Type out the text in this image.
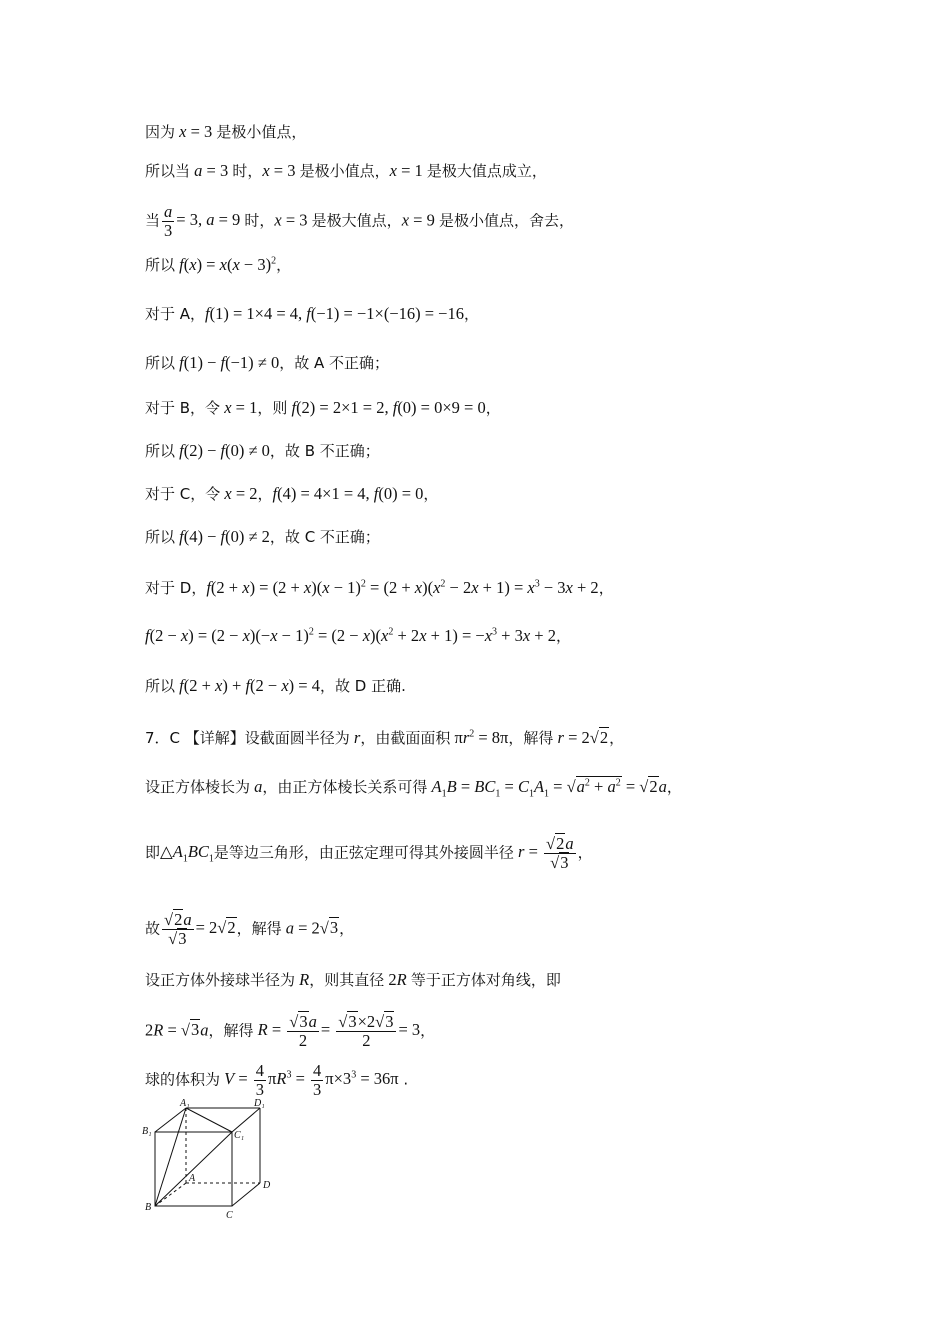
因为 x = 3 是极小值点，
所以当 a = 3 时，x = 3 是极小值点，x = 1 是极大值点成立，
当 $\frac{a}{3} = 3$, a = 9 时，x = 3 是极大值点，x = 9 是极小值点，舍去，
所以 $f(x) = x(x - 3)^2$，
对于 A，f(1) = 1×4 = 4, f(−1) = −1×(−16) = −16，
所以 f(1) − f(−1) ≠ 0，故 A 不正确；
对于 B，令 x = 1，则 f(2) = 2×1 = 2, f(0) = 0×9 = 0，
所以 f(2) − f(0) ≠ 0，故 B 不正确；
对于 C，令 x = 2，f(4) = 4×1 = 4, f(0) = 0，
所以 f(4) − f(0) ≠ 2，故 C 不正确；
对于 D，$f(2 + x) = (2 + x)(x - 1)^2 = (2 + x)(x^2 - 2x + 1) = x^3 - 3x + 2$，
$f(2 - x) = (2 - x)(-x - 1)^2 = (2 - x)(x^2 + 2x + 1) = -x^3 + 3x + 2$，
所以 f(2 + x) + f(2 − x) = 4，故 D 正确.
7．C 【详解】设截面圆半径为 r，由截面面积 $\pi r^2 = 8\pi$，解得 r = 2√2，
设正方体棱长为 a，由正方体棱长关系可得 $A_1B = BC_1 = C_1A_1 = √a^2 + a^2 = √2a$，
即$\triangle A_1BC_1$是等边三角形，由正弦定理可得其外接圆半径 $r = \frac{√2a}{√3}$ ，
故 $\frac{√2a}{√3} = 2√2$，解得 a = 2√3，
设正方体外接球半径为 R，则其直径 2R 等于正方体对角线，即
2R = √3a，解得 $R = \frac{√3a}{2} = \frac{√3\times 2√3}{2} = 3$，
球的体积为 $V = \frac{4}{3} \pi R^3 = \frac{4}{3} \pi\times 3^3 = 36\pi$ .
A₁	D₁
B₁	C₁
A
D
B
C
